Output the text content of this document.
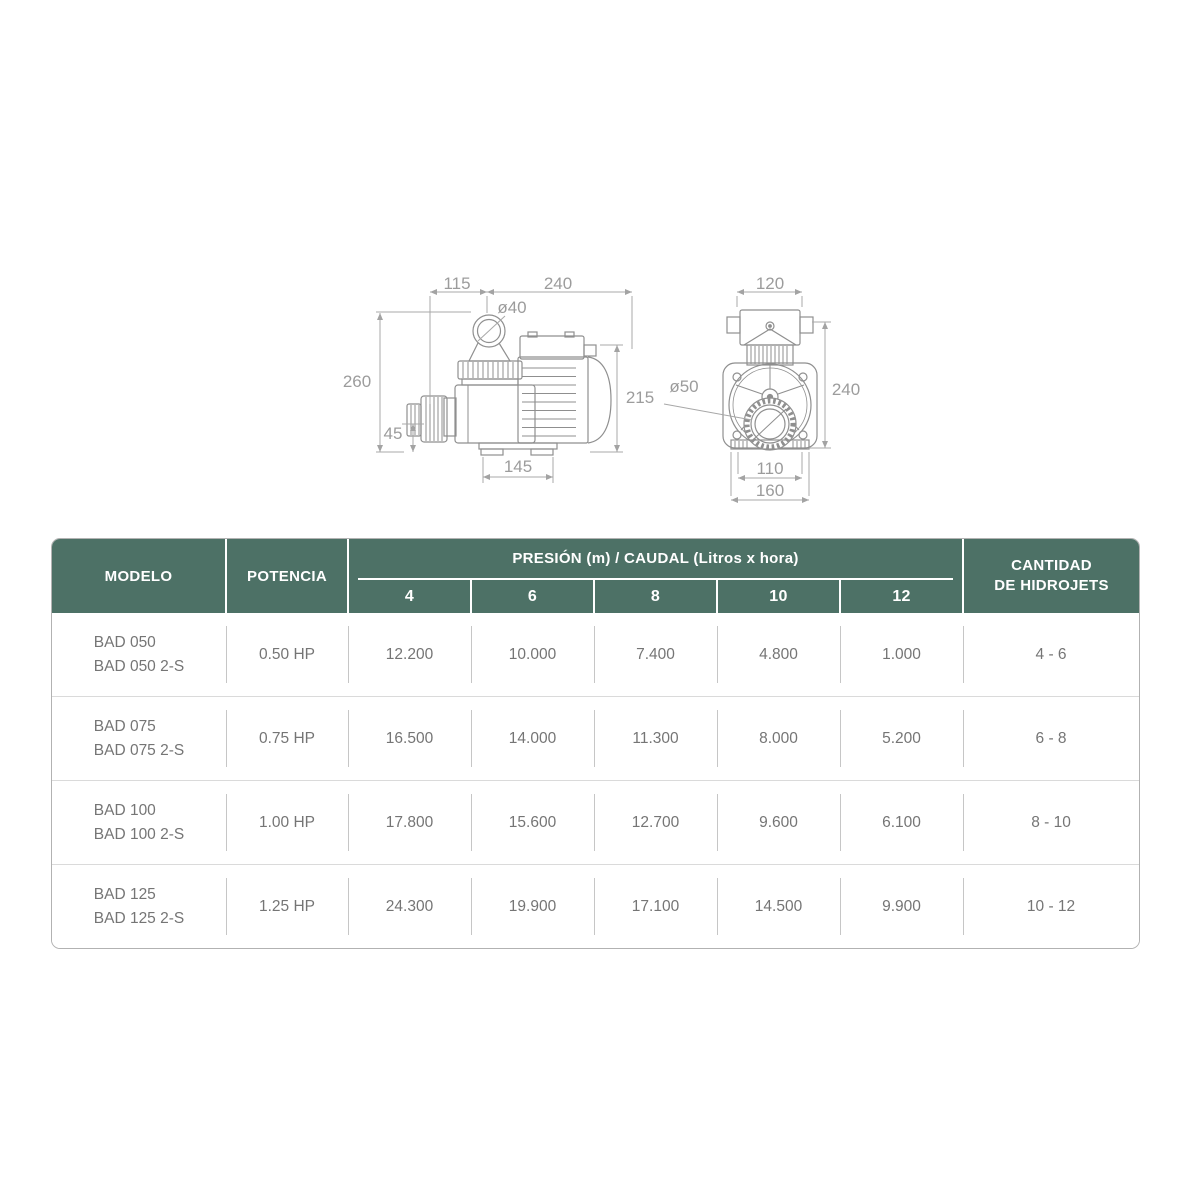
115	240
ø40
260
45
145
215
120
ø50	240
110
160
MODELO	POTENCIA	PRESIÓN (m) / CAUDAL (Litros x hora)					CANTIDAD
DE HIDROJETS

		4	6	8	10	12	

BAD 050
BAD 050 2-S	0.50 HP	12.200	10.000	7.400	4.800	1.000	4 - 6

BAD 075
BAD 075 2-S	0.75 HP	16.500	14.000	11.300	8.000	5.200	6 - 8

BAD 100
BAD 100 2-S	1.00 HP	17.800	15.600	12.700	9.600	6.100	8 - 10

BAD 125
BAD 125 2-S	1.25 HP	24.300	19.900	17.100	14.500	9.900	10 - 12
